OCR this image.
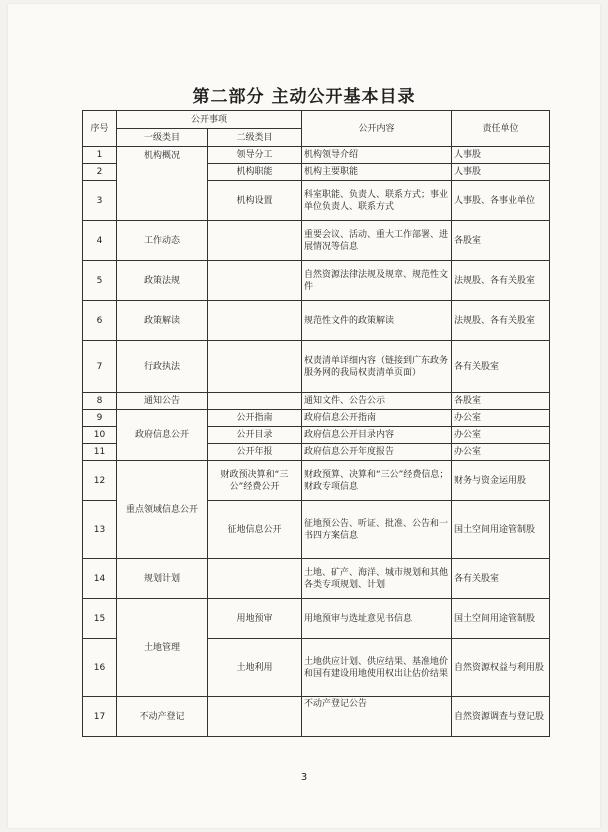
第二部分 主动公开基本目录
序号	公开事项		公开内容	责任单位
	一级类目	二级类目		
1	机构概况	领导分工	机构领导介绍	人事股
2		机构职能	机构主要职能	人事股
3		机构设置	科室职能、负责人、联系方式；事业单位负责人、联系方式	人事股、各事业单位
4	工作动态		重要会议、活动、重大工作部署、进展情况等信息	各股室
5	政策法规		自然资源法律法规及规章、规范性文件	法规股、各有关股室
6	政策解读		规范性文件的政策解读	法规股、各有关股室
7	行政执法		权责清单详细内容（链接到广东政务服务网的我局权责清单页面）	各有关股室
8	通知公告		通知文件、公告公示	各股室
9	政府信息公开	公开指南	政府信息公开指南	办公室
10		公开目录	政府信息公开目录内容	办公室
11		公开年报	政府信息公开年度报告	办公室
12	重点领域信息公开	财政预决算和“三公”经费公开	财政预算、决算和“三公”经费信息；财政专项信息	财务与资金运用股
13		征地信息公开	征地预公告、听证、批准、公告和一书四方案信息	国土空间用途管制股
14	规划计划		土地、矿产、海洋、城市规划和其他各类专项规划、计划	各有关股室
15	土地管理	用地预审	用地预审与选址意见书信息	国土空间用途管制股
16		土地利用	土地供应计划、供应结果、基准地价和国有建设用地使用权出让估价结果	自然资源权益与利用股
17	不动产登记		不动产登记公告	自然资源调查与登记股
3
